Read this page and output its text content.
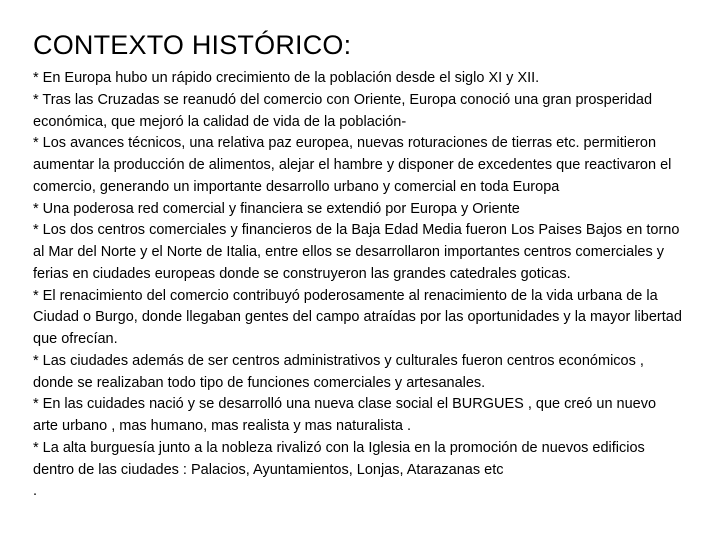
CONTEXTO HISTÓRICO:

* En Europa hubo un rápido crecimiento de la población desde el siglo XI y XII.

* Tras las Cruzadas se reanudó del comercio con Oriente, Europa conoció una gran prosperidad económica, que mejoró la calidad de vida de la población-

* Los avances técnicos, una relativa paz europea, nuevas roturaciones de tierras etc. permitieron aumentar la producción de alimentos, alejar el hambre y disponer de excedentes que reactivaron el comercio, generando un importante desarrollo urbano y comercial en toda Europa

* Una poderosa red comercial y financiera se extendió por Europa y Oriente

* Los dos centros comerciales y financieros de la Baja Edad Media fueron Los Paises Bajos en torno al Mar del Norte y el Norte de Italia, entre ellos se desarrollaron importantes centros comerciales y ferias en ciudades europeas donde se construyeron las grandes catedrales goticas.

* El renacimiento del comercio contribuyó poderosamente al renacimiento de la vida urbana de la Ciudad o Burgo, donde llegaban gentes del campo atraídas por las oportunidades y la mayor libertad que ofrecían.

* Las ciudades además de ser centros administrativos y culturales fueron centros económicos , donde se realizaban todo tipo de funciones comerciales y artesanales.

* En las cuidades nació y se desarrolló una nueva clase social el BURGUES , que creó un nuevo arte urbano , mas humano, mas realista y mas naturalista .

* La alta burguesía junto a la nobleza rivalizó con la Iglesia en la promoción de nuevos edificios dentro de las ciudades : Palacios, Ayuntamientos, Lonjas, Atarazanas etc

.
